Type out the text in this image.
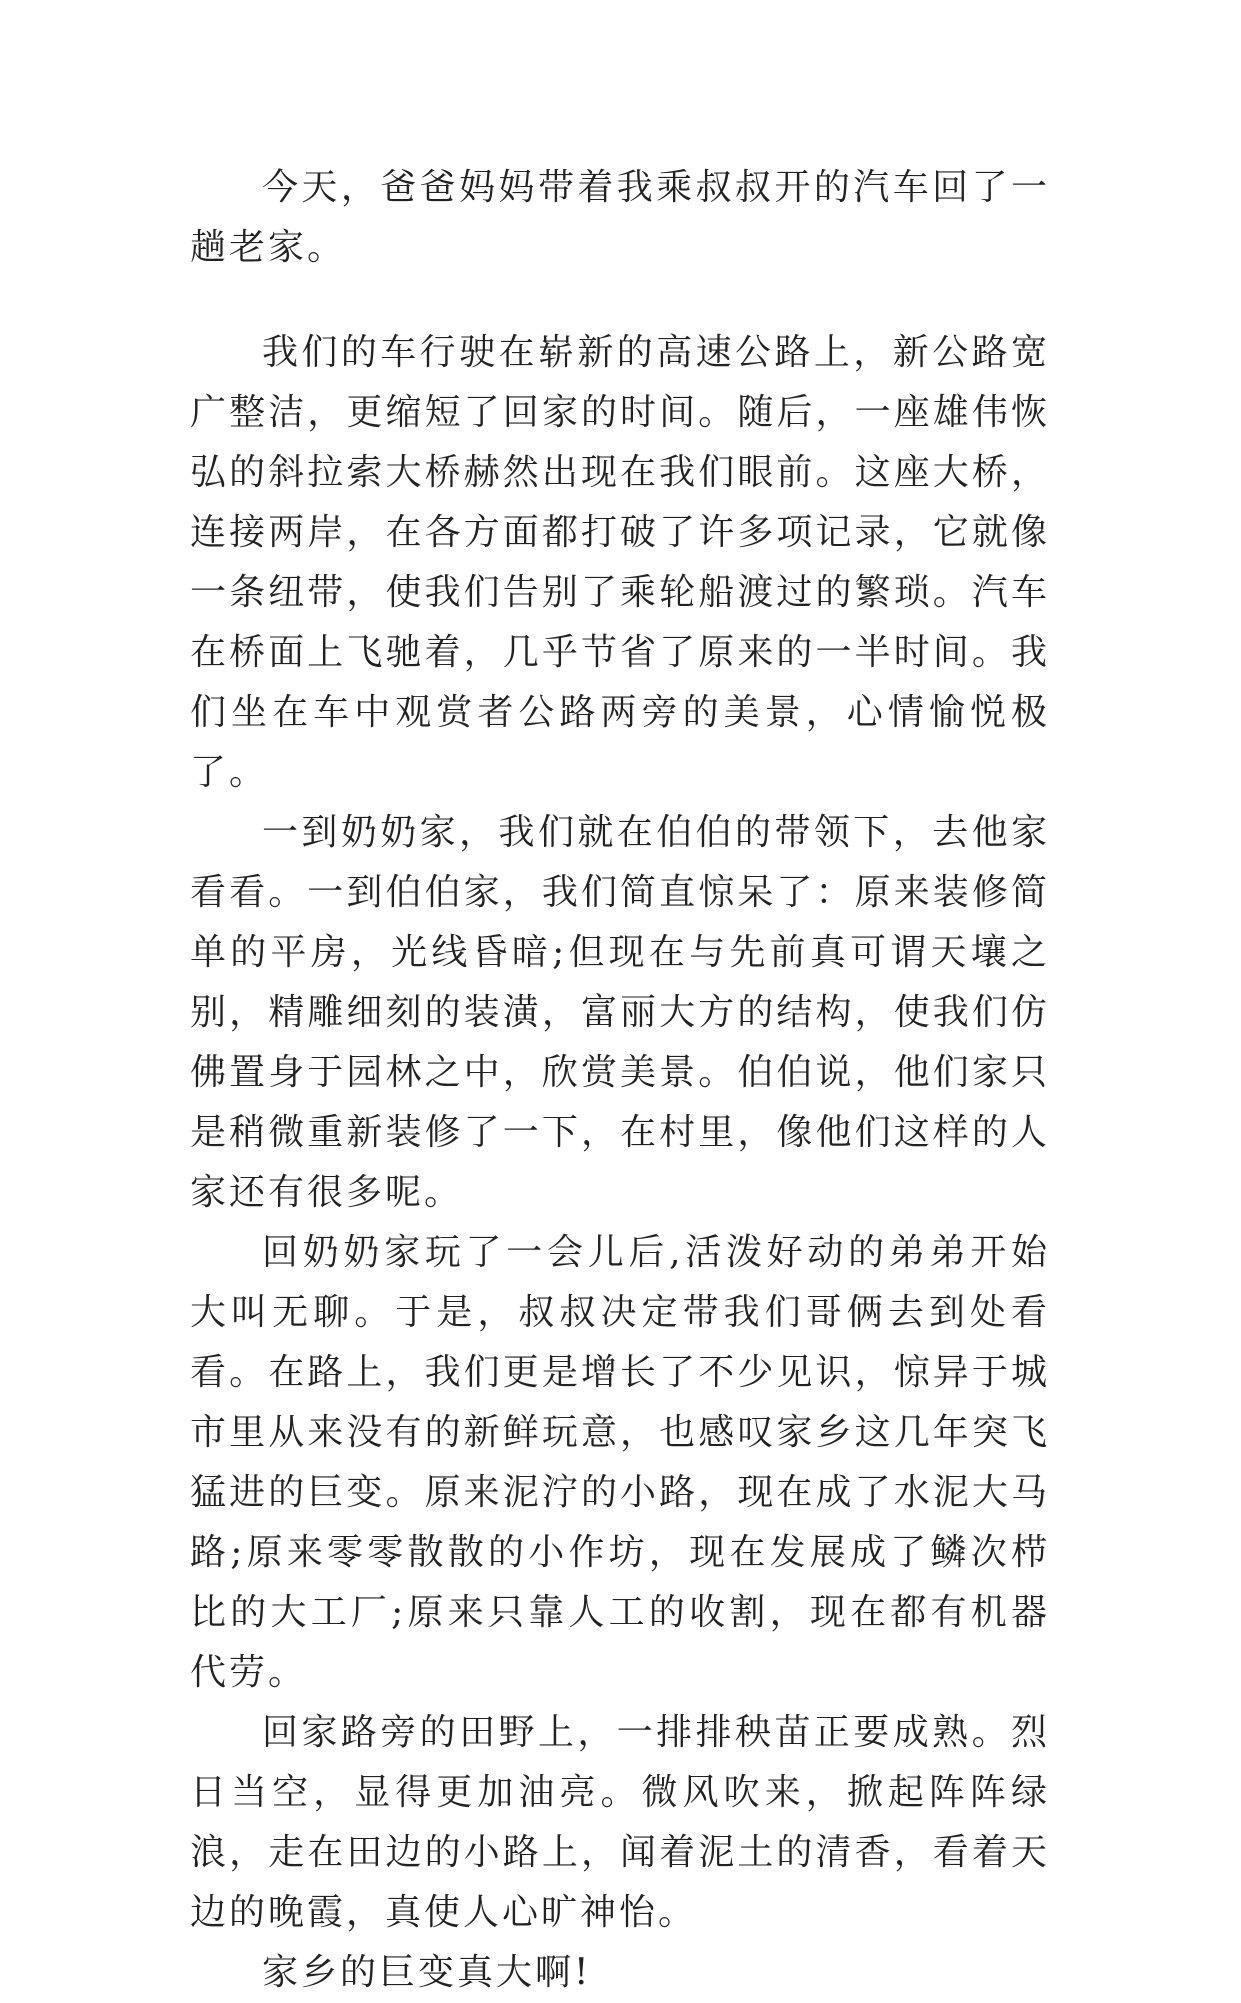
今天，爸爸妈妈带着我乘叔叔开的汽车回了一趟老家。

我们的车行驶在崭新的高速公路上，新公路宽广整洁，更缩短了回家的时间。随后，一座雄伟恢弘的斜拉索大桥赫然出现在我们眼前。这座大桥，连接两岸，在各方面都打破了许多项记录，它就像一条纽带，使我们告别了乘轮船渡过的繁琐。汽车在桥面上飞驰着，几乎节省了原来的一半时间。我们坐在车中观赏者公路两旁的美景，心情愉悦极了。

一到奶奶家，我们就在伯伯的带领下，去他家看看。一到伯伯家，我们简直惊呆了：原来装修简单的平房，光线昏暗;但现在与先前真可谓天壤之别，精雕细刻的装潢，富丽大方的结构，使我们仿佛置身于园林之中，欣赏美景。伯伯说，他们家只是稍微重新装修了一下，在村里，像他们这样的人家还有很多呢。

回奶奶家玩了一会儿后,活泼好动的弟弟开始大叫无聊。于是，叔叔决定带我们哥俩去到处看看。在路上，我们更是增长了不少见识，惊异于城市里从来没有的新鲜玩意，也感叹家乡这几年突飞猛进的巨变。原来泥泞的小路，现在成了水泥大马路;原来零零散散的小作坊，现在发展成了鳞次栉比的大工厂;原来只靠人工的收割，现在都有机器代劳。

回家路旁的田野上，一排排秧苗正要成熟。烈日当空，显得更加油亮。微风吹来，掀起阵阵绿浪，走在田边的小路上，闻着泥土的清香，看着天边的晚霞，真使人心旷神怡。

家乡的巨变真大啊!
